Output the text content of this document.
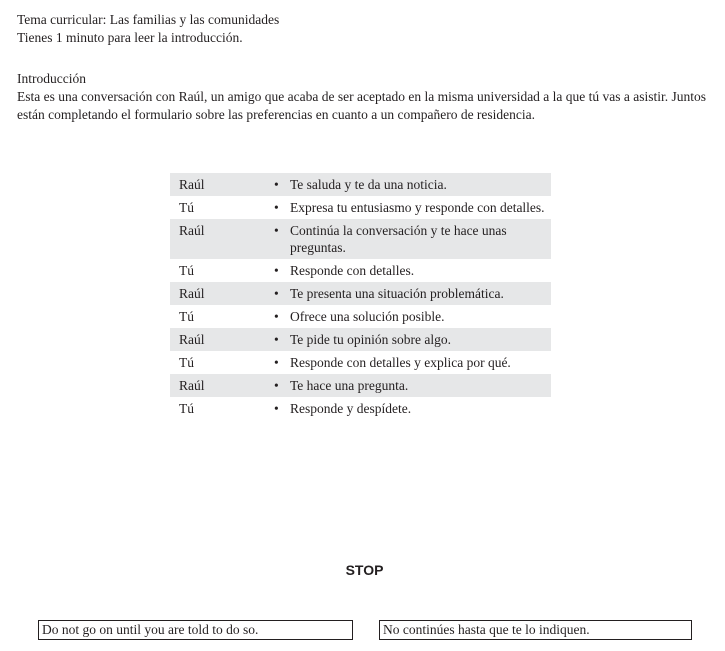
Tema curricular: Las familias y las comunidades
Tienes 1 minuto para leer la introducción.
Introducción

Esta es una conversación con Raúl, un amigo que acaba de ser aceptado en la misma universidad a la que tú vas a asistir. Juntos están completando el formulario sobre las preferencias en cuanto a un compañero de residencia.

Raúl	•	Te saluda y te da una noticia.
Tú	•	Expresa tu entusiasmo y responde con detalles.
Raúl	•	Continúa la conversación y te hace unas preguntas.
Tú	•	Responde con detalles.
Raúl	•	Te presenta una situación problemática.
Tú	•	Ofrece una solución posible.
Raúl	•	Te pide tu opinión sobre algo.
Tú	•	Responde con detalles y explica por qué.
Raúl	•	Te hace una pregunta.
Tú	•	Responde y despídete.
STOP
Do not go on until you are told to do so.	No continúes hasta que te lo indiquen.
